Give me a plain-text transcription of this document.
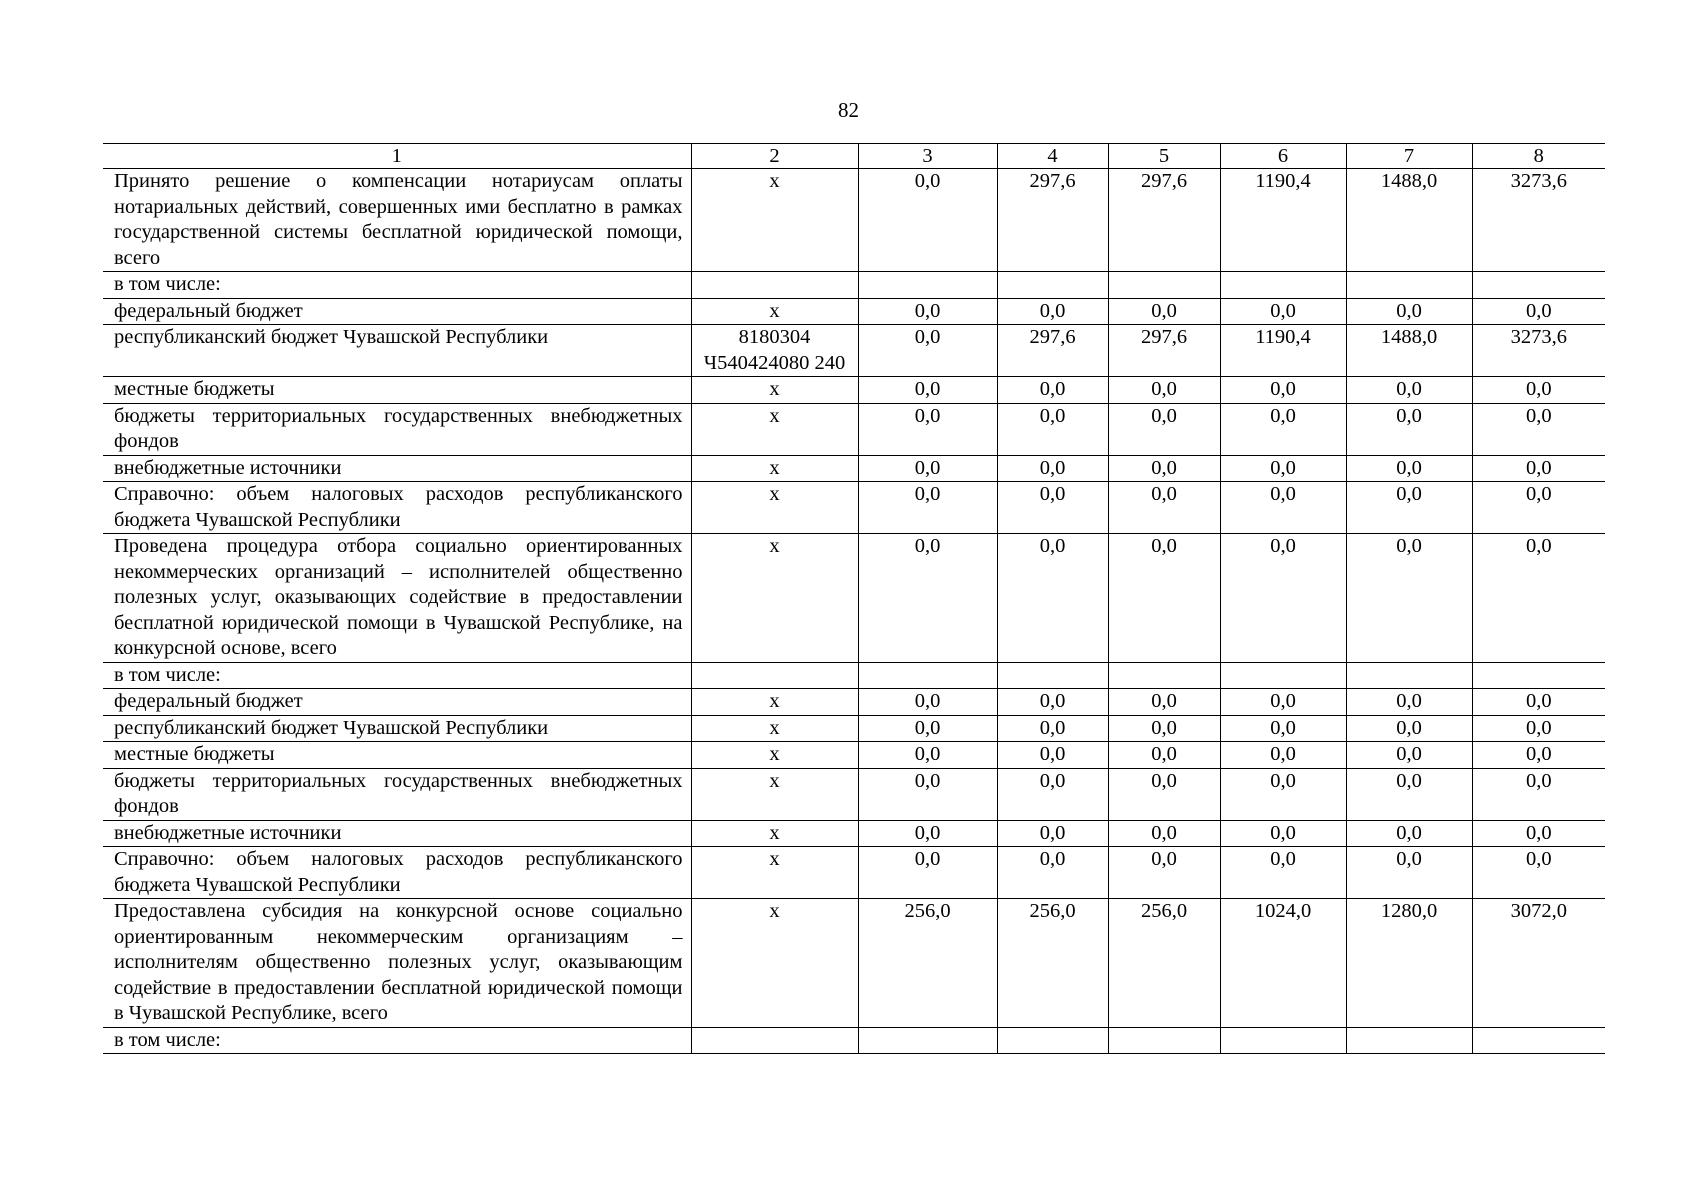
82
1	2	3	4	5	6	7	8
Принято решение о компенсации нотариусам оплаты нотариальных действий, совершенных ими бесплатно в рамках государственной системы бесплатной юридической помощи, всего	х	0,0	297,6	297,6	1190,4	1488,0	3273,6
в том числе:							
федеральный бюджет	х	0,0	0,0	0,0	0,0	0,0	0,0
республиканский бюджет Чувашской Республики	8180304 Ч540424080 240	0,0	297,6	297,6	1190,4	1488,0	3273,6
местные бюджеты	х	0,0	0,0	0,0	0,0	0,0	0,0
бюджеты территориальных государственных внебюджетных фондов	х	0,0	0,0	0,0	0,0	0,0	0,0
внебюджетные источники	х	0,0	0,0	0,0	0,0	0,0	0,0
Справочно: объем налоговых расходов республиканского бюджета Чувашской Республики	х	0,0	0,0	0,0	0,0	0,0	0,0
Проведена процедура отбора социально ориентированных некоммерческих организаций – исполнителей общественно полезных услуг, оказывающих содействие в предоставлении бесплатной юридической помощи в Чувашской Республике, на конкурсной основе, всего	х	0,0	0,0	0,0	0,0	0,0	0,0
в том числе:							
федеральный бюджет	х	0,0	0,0	0,0	0,0	0,0	0,0
республиканский бюджет Чувашской Республики	х	0,0	0,0	0,0	0,0	0,0	0,0
местные бюджеты	х	0,0	0,0	0,0	0,0	0,0	0,0
бюджеты территориальных государственных внебюджетных фондов	х	0,0	0,0	0,0	0,0	0,0	0,0
внебюджетные источники	х	0,0	0,0	0,0	0,0	0,0	0,0
Справочно: объем налоговых расходов республиканского бюджета Чувашской Республики	х	0,0	0,0	0,0	0,0	0,0	0,0
Предоставлена субсидия на конкурсной основе социально ориентированным некоммерческим организациям – исполнителям общественно полезных услуг, оказывающим содействие в предоставлении бесплатной юридической помощи в Чувашской Республике, всего	х	256,0	256,0	256,0	1024,0	1280,0	3072,0
в том числе:							
